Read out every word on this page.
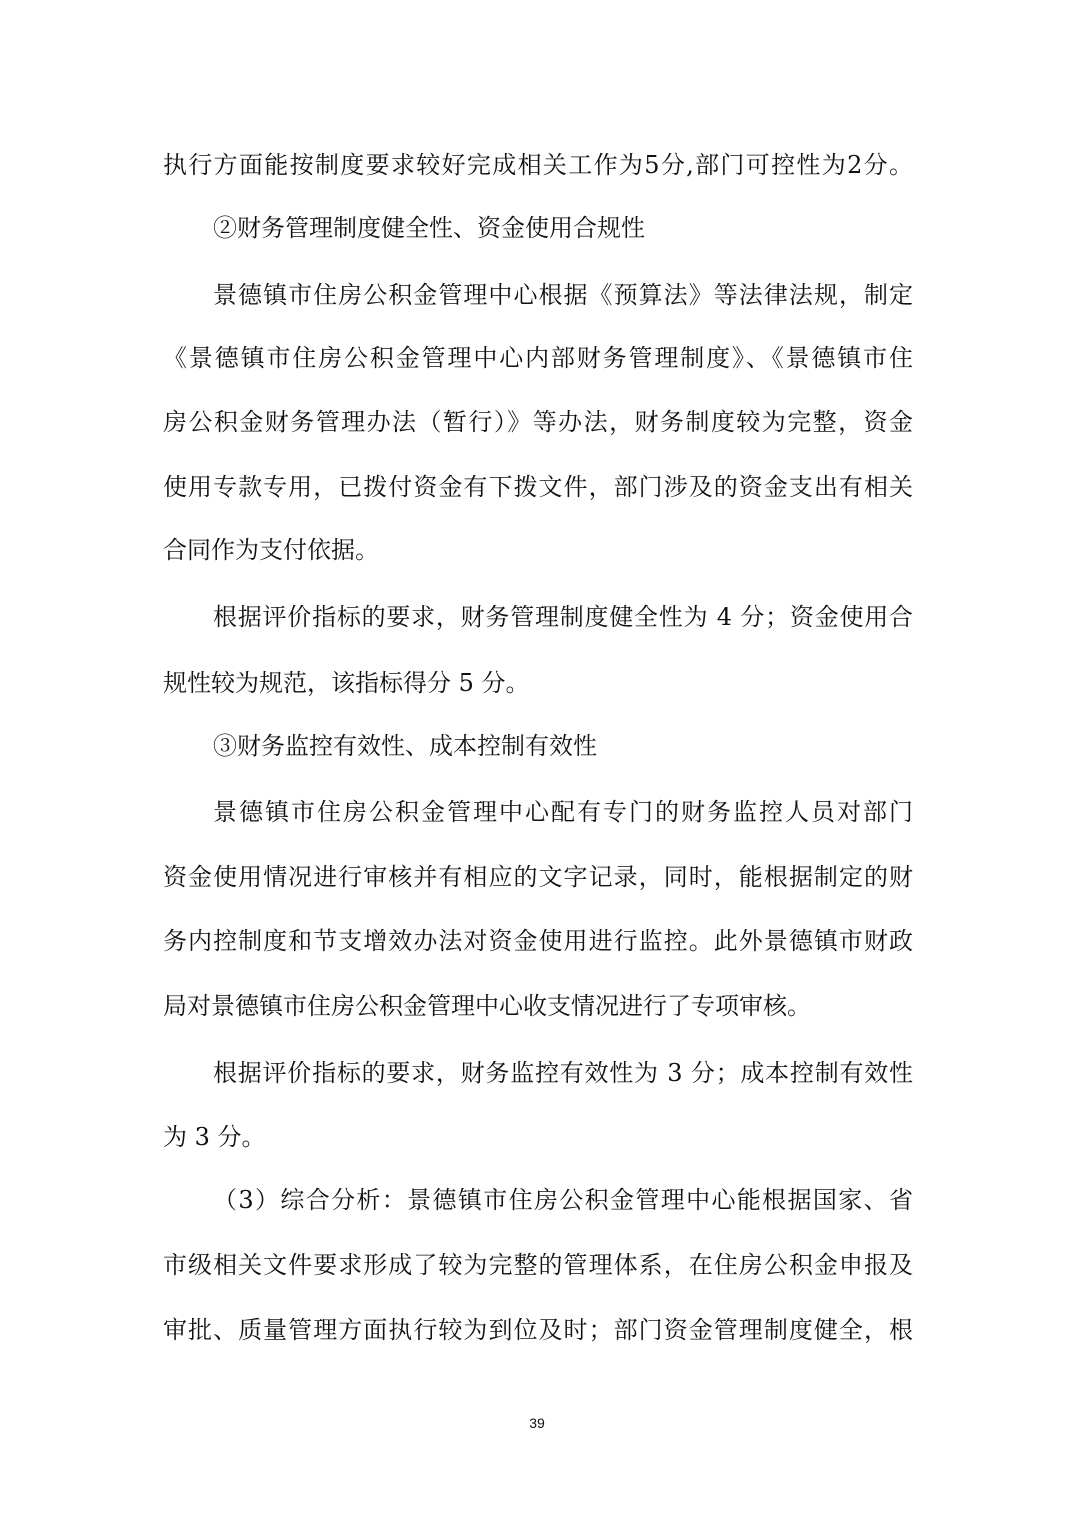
执行方面能按制度要求较好完成相关工作为5分,部门可控性为2分。
②财务管理制度健全性、资金使用合规性
景德镇市住房公积金管理中心根据《预算法》等法律法规，制定
《景德镇市住房公积金管理中心内部财务管理制度》、《景德镇市住
房公积金财务管理办法（暂行）》等办法，财务制度较为完整，资金
使用专款专用，已拨付资金有下拨文件，部门涉及的资金支出有相关
合同作为支付依据。
根据评价指标的要求，财务管理制度健全性为 4 分；资金使用合
规性较为规范，该指标得分 5 分。
③财务监控有效性、成本控制有效性
景德镇市住房公积金管理中心配有专门的财务监控人员对部门
资金使用情况进行审核并有相应的文字记录，同时，能根据制定的财
务内控制度和节支增效办法对资金使用进行监控。此外景德镇市财政
局对景德镇市住房公积金管理中心收支情况进行了专项审核。
根据评价指标的要求，财务监控有效性为 3 分；成本控制有效性
为 3 分。
（3）综合分析：景德镇市住房公积金管理中心能根据国家、省
市级相关文件要求形成了较为完整的管理体系，在住房公积金申报及
审批、质量管理方面执行较为到位及时；部门资金管理制度健全，根
39
